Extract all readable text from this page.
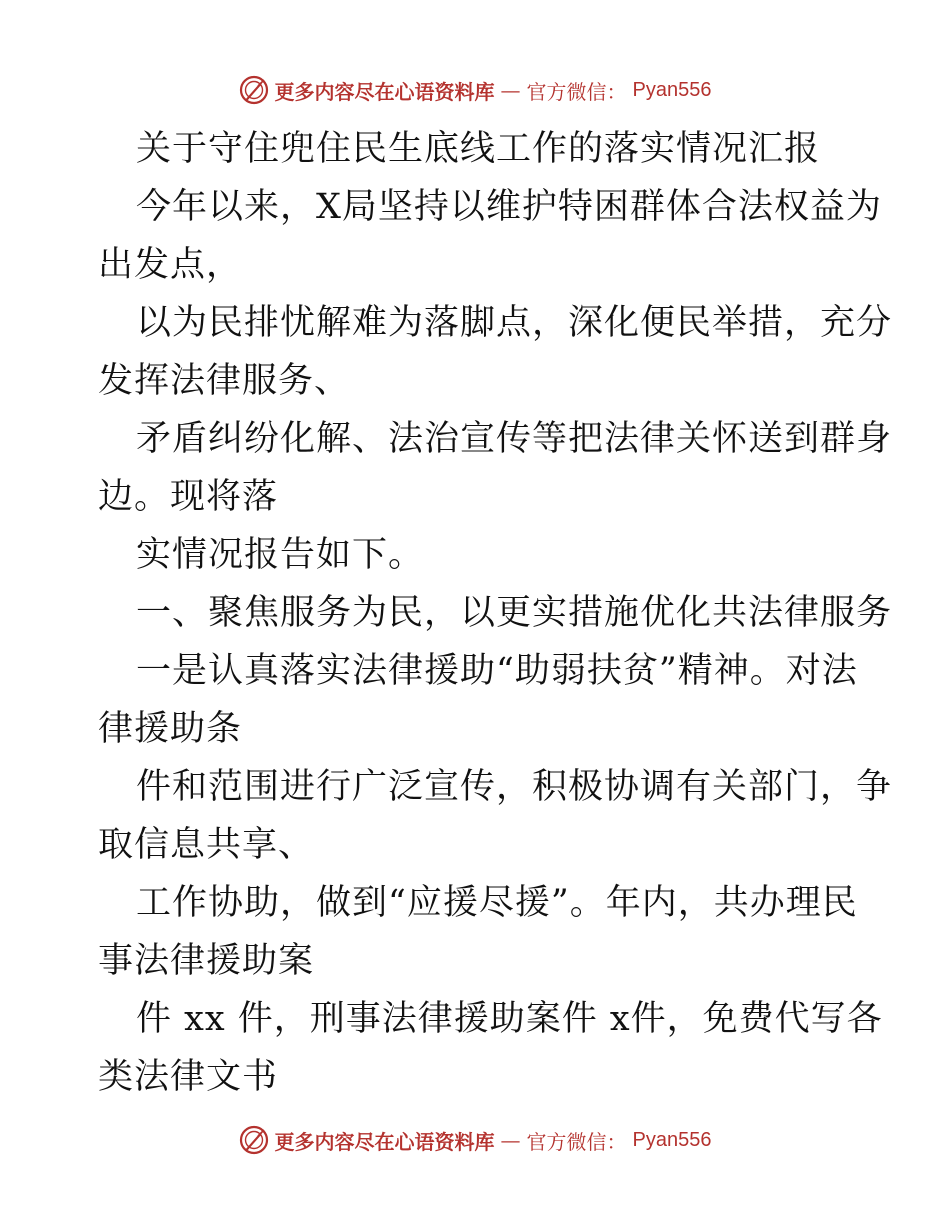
更多内容尽在心语资料库 — 官方微信： Pyan556
关于守住兜住民生底线工作的落实情况汇报
今年以来，X局坚持以维护特困群体合法权益为
出发点，
以为民排忧解难为落脚点，深化便民举措，充分
发挥法律服务、
矛盾纠纷化解、法治宣传等把法律关怀送到群身
边。现将落
实情况报告如下。
一、聚焦服务为民，以更实措施优化共法律服务
一是认真落实法律援助“助弱扶贫”精神。对法
律援助条
件和范围进行广泛宣传，积极协调有关部门，争
取信息共享、
工作协助，做到“应援尽援”。年内，共办理民
事法律援助案
件 xx 件，刑事法律援助案件 x件，免费代写各
类法律文书
更多内容尽在心语资料库 — 官方微信： Pyan556
